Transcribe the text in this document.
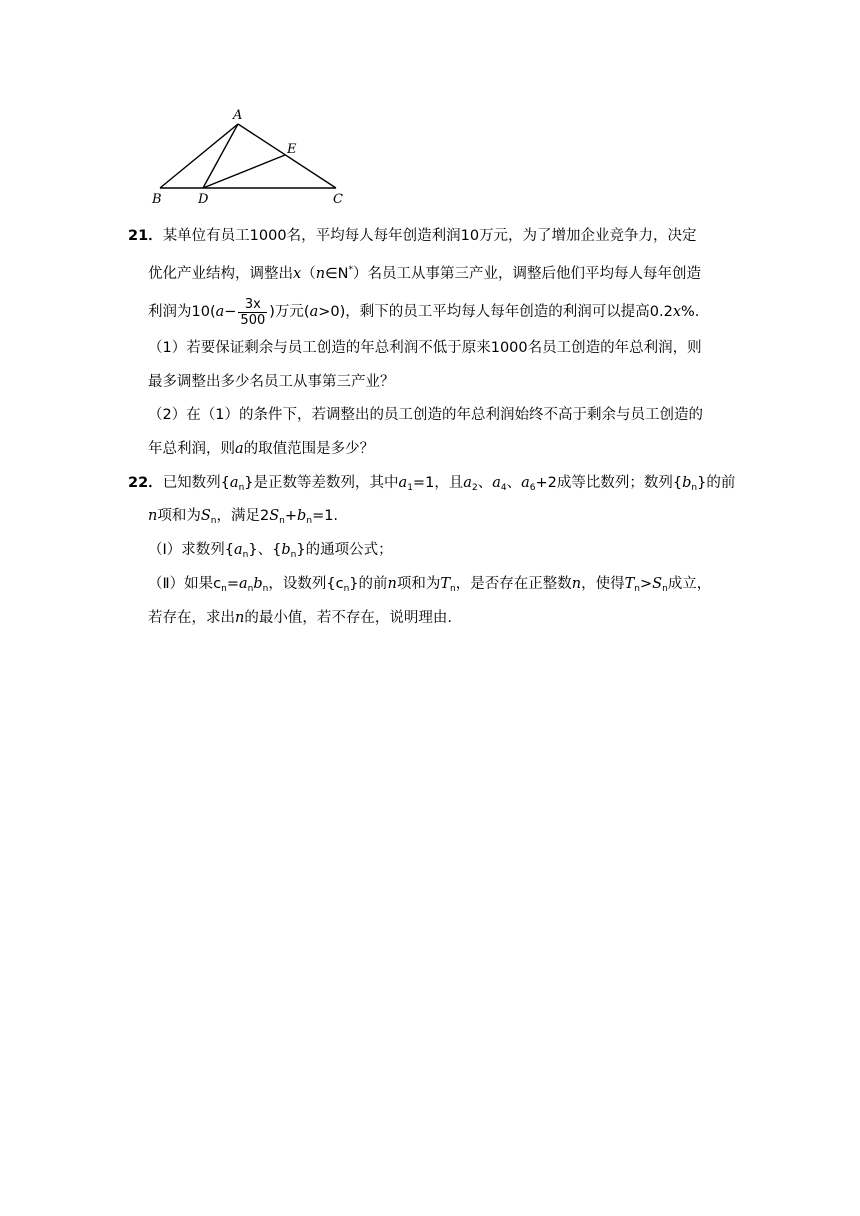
A
B	C
D
E
21．某单位有员工1000名，平均每人每年创造利润10万元，为了增加企业竞争力，决定
优化产业结构，调整出x（n∈N*）名员工从事第三产业，调整后他们平均每人每年创造
利润为$10(a- \frac{3x}{500}$ )万元(a>0)，剩下的员工平均每人每年创造的利润可以提高0.2x%.
（1）若要保证剩余与员工创造的年总利润不低于原来1000名员工创造的年总利润，则
最多调整出多少名员工从事第三产业？
（2）在（1）的条件下，若调整出的员工创造的年总利润始终不高于剩余与员工创造的
年总利润，则a的取值范围是多少？
22．已知数列$\{a_n\}$是正数等差数列，其中$a_1=1$，且$a_2$、$a_4$、$a_6+2$成等比数列；数列$\{b_n\}$的前
n项和为$S_n$，满足$2S_n+b_n=1$.
（Ⅰ）求数列$\{a_n\}$、$\{b_n\}$的通项公式；
（Ⅱ）如果$c_n=a_nb_n$，设数列$\{c_n\}$的前n项和为$T_n$，是否存在正整数n，使得$T_n>S_n$成立，
若存在，求出n的最小值，若不存在，说明理由.
